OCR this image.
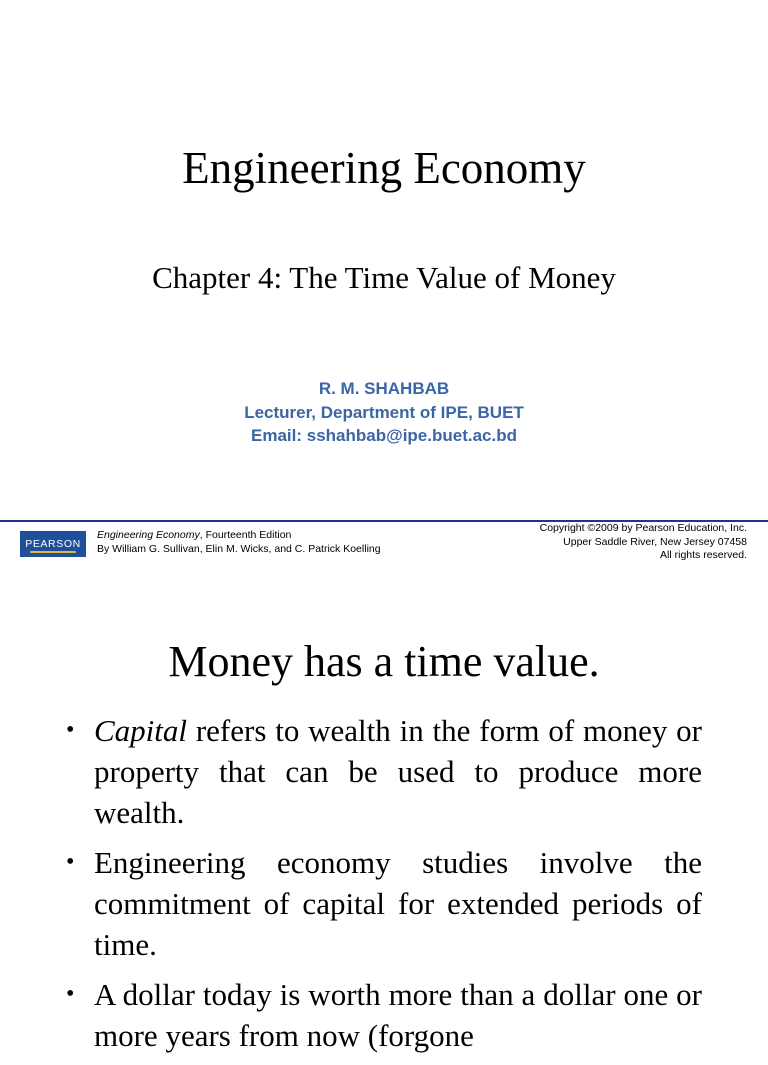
Engineering Economy
Chapter 4: The Time Value of Money
R. M. SHAHBAB
Lecturer, Department of IPE, BUET
Email: sshahbab@ipe.buet.ac.bd
PEARSON
Engineering Economy, Fourteenth Edition
By William G. Sullivan, Elin M. Wicks, and C. Patrick Koelling
Copyright ©2009 by Pearson Education, Inc.
Upper Saddle River, New Jersey 07458
All rights reserved.
Money has a time value.
• Capital refers to wealth in the form of money or property that can be used to produce more wealth.
• Engineering economy studies involve the commitment of capital for extended periods of time.
• A dollar today is worth more than a dollar one or more years from now (forgone
